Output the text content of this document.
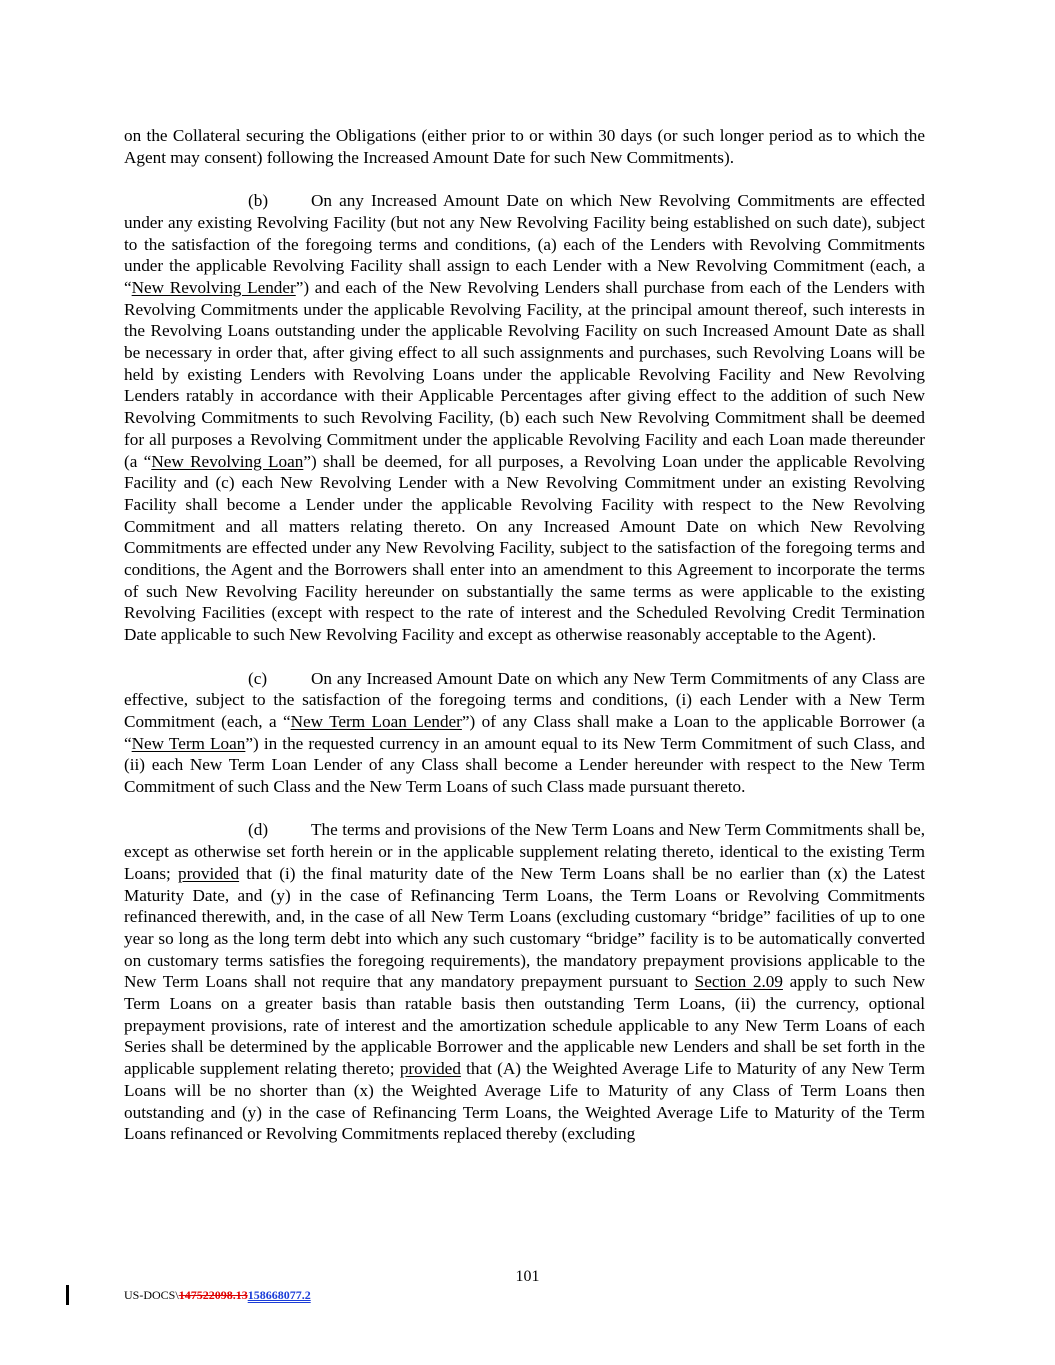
on the Collateral securing the Obligations (either prior to or within 30 days (or such longer period as to which the Agent may consent) following the Increased Amount Date for such New Commitments).

(b) On any Increased Amount Date on which New Revolving Commitments are effected under any existing Revolving Facility (but not any New Revolving Facility being established on such date), subject to the satisfaction of the foregoing terms and conditions, (a) each of the Lenders with Revolving Commitments under the applicable Revolving Facility shall assign to each Lender with a New Revolving Commitment (each, a “New Revolving Lender”) and each of the New Revolving Lenders shall purchase from each of the Lenders with Revolving Commitments under the applicable Revolving Facility, at the principal amount thereof, such interests in the Revolving Loans outstanding under the applicable Revolving Facility on such Increased Amount Date as shall be necessary in order that, after giving effect to all such assignments and purchases, such Revolving Loans will be held by existing Lenders with Revolving Loans under the applicable Revolving Facility and New Revolving Lenders ratably in accordance with their Applicable Percentages after giving effect to the addition of such New Revolving Commitments to such Revolving Facility, (b) each such New Revolving Commitment shall be deemed for all purposes a Revolving Commitment under the applicable Revolving Facility and each Loan made thereunder (a “New Revolving Loan”) shall be deemed, for all purposes, a Revolving Loan under the applicable Revolving Facility and (c) each New Revolving Lender with a New Revolving Commitment under an existing Revolving Facility shall become a Lender under the applicable Revolving Facility with respect to the New Revolving Commitment and all matters relating thereto. On any Increased Amount Date on which New Revolving Commitments are effected under any New Revolving Facility, subject to the satisfaction of the foregoing terms and conditions, the Agent and the Borrowers shall enter into an amendment to this Agreement to incorporate the terms of such New Revolving Facility hereunder on substantially the same terms as were applicable to the existing Revolving Facilities (except with respect to the rate of interest and the Scheduled Revolving Credit Termination Date applicable to such New Revolving Facility and except as otherwise reasonably acceptable to the Agent).

(c)	On any Increased Amount Date on which any New Term Commitments of any Class are effective, subject to the satisfaction of the foregoing terms and conditions, (i) each Lender with a New Term Commitment (each, a “New Term Loan Lender”) of any Class shall make a Loan to the applicable Borrower (a “New Term Loan”) in the requested currency in an amount equal to its New Term Commitment of such Class, and (ii) each New Term Loan Lender of any Class shall become a Lender hereunder with respect to the New Term Commitment of such Class and the New Term Loans of such Class made pursuant thereto.

(d) The terms and provisions of the New Term Loans and New Term Commitments shall be, except as otherwise set forth herein or in the applicable supplement relating thereto, identical to the existing Term Loans; provided that (i) the final maturity date of the New Term Loans shall be no earlier than (x) the Latest Maturity Date, and (y) in the case of Refinancing Term Loans, the Term Loans or Revolving Commitments refinanced therewith, and, in the case of all New Term Loans (excluding customary “bridge” facilities of up to one year so long as the long term debt into which any such customary “bridge” facility is to be automatically converted on customary terms satisfies the foregoing requirements), the mandatory prepayment provisions applicable to the New Term Loans shall not require that any mandatory prepayment pursuant to Section 2.09 apply to such New Term Loans on a greater basis than ratable basis then outstanding Term Loans, (ii) the currency, optional prepayment provisions, rate of interest and the amortization schedule applicable to any New Term Loans of each Series shall be determined by the applicable Borrower and the applicable new Lenders and shall be set forth in the applicable supplement relating thereto; provided that (A) the Weighted Average Life to Maturity of any New Term Loans will be no shorter than (x) the Weighted Average Life to Maturity of any Class of Term Loans then outstanding and (y) in the case of Refinancing Term Loans, the Weighted Average Life to Maturity of the Term Loans refinanced or Revolving Commitments replaced thereby (excluding

101
US-DOCS\147522098.13158668077.2
